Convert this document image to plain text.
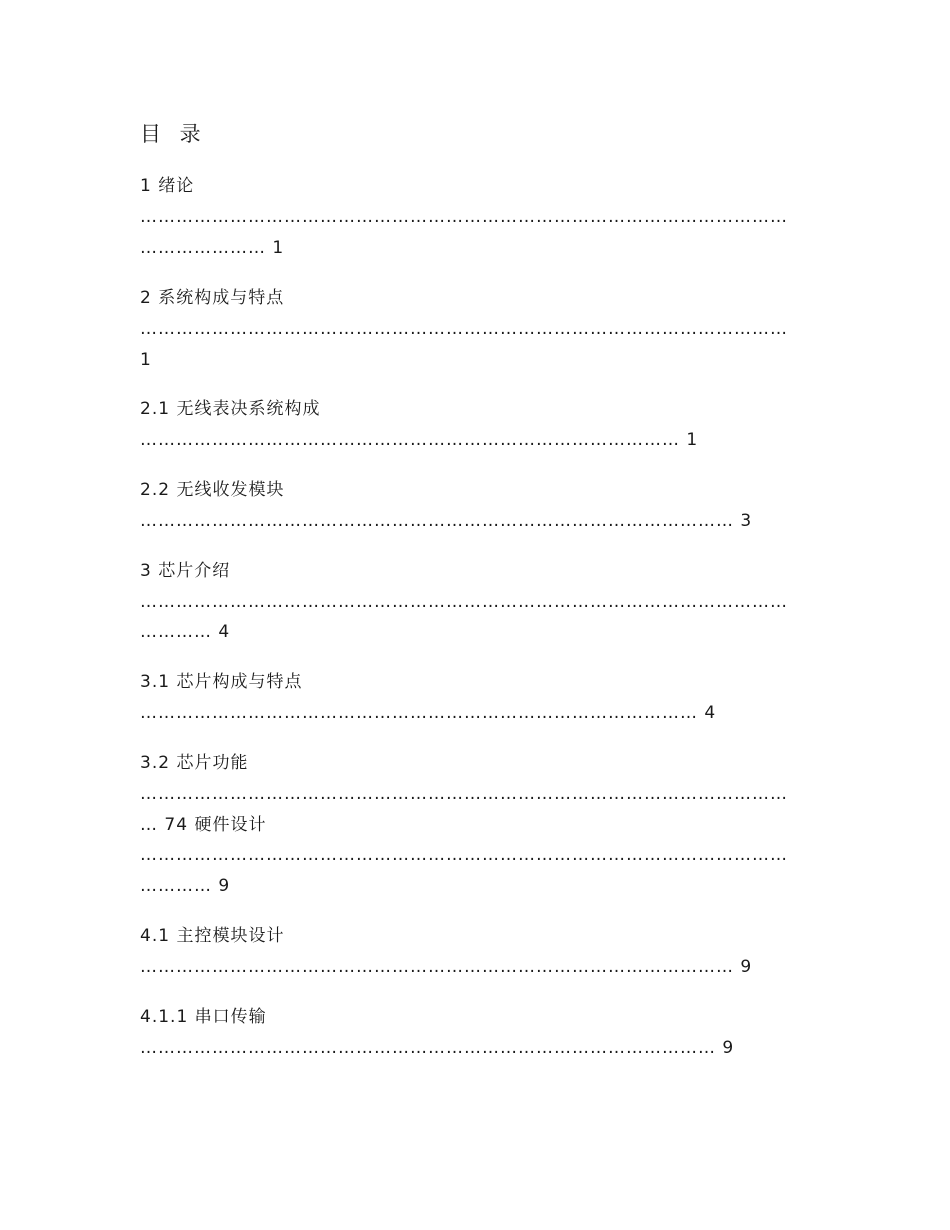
目 录
1 绪论
………………………………………………………………………………………………
………………… 1
2 系统构成与特点
………………………………………………………………………………………………
1
2.1 无线表决系统构成
……………………………………………………………………………… 1
2.2 无线收发模块
……………………………………………………………………………………… 3
3 芯片介绍
………………………………………………………………………………………………
………… 4
3.1 芯片构成与特点
………………………………………………………………………………… 4
3.2 芯片功能
………………………………………………………………………………………………
… 74 硬件设计
………………………………………………………………………………………………
………… 9
4.1 主控模块设计
……………………………………………………………………………………… 9
4.1.1 串口传输
…………………………………………………………………………………… 9
